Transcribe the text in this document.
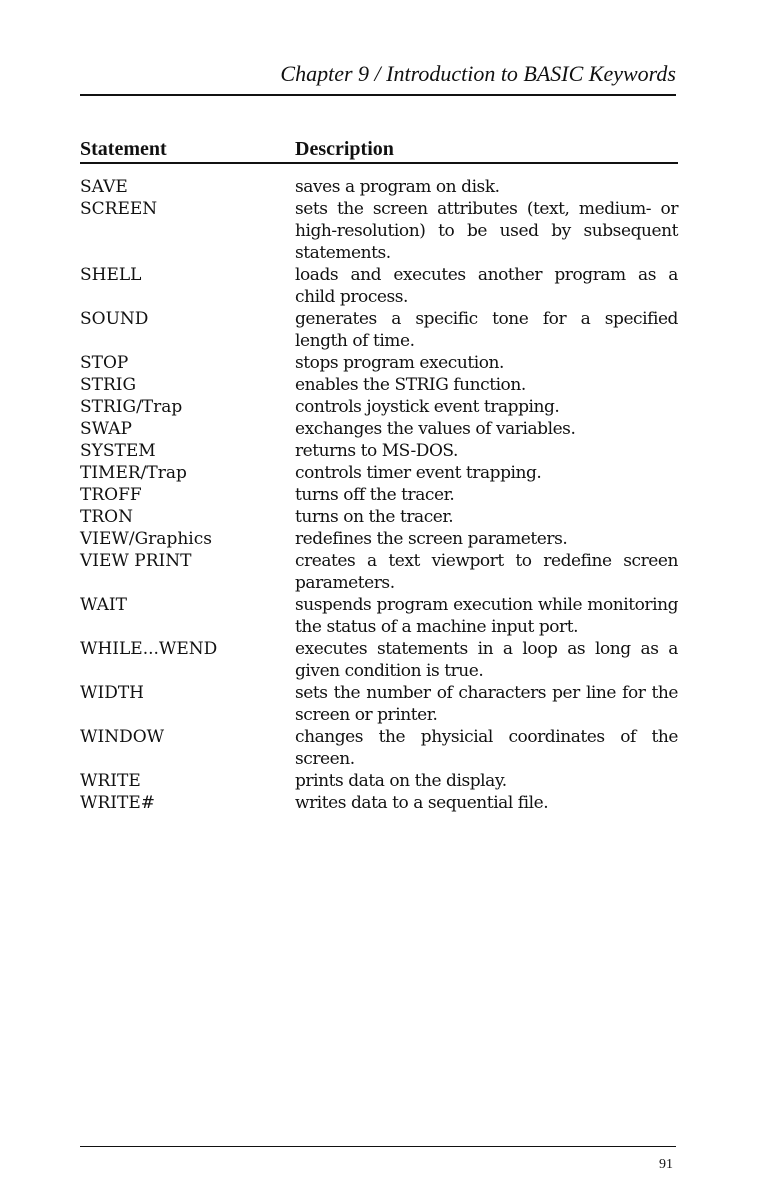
Chapter 9 / Introduction to BASIC Keywords
Statement	Description
SAVE	saves a program on disk.
SCREEN	sets the screen attributes (text, medium- or high-resolution) to be used by subsequent statements.
SHELL	loads and executes another program as a child process.
SOUND	generates a specific tone for a specified length of time.
STOP	stops program execution.
STRIG	enables the STRIG function.
STRIG/Trap	controls joystick event trapping.
SWAP	exchanges the values of variables.
SYSTEM	returns to MS-DOS.
TIMER/Trap	controls timer event trapping.
TROFF	turns off the tracer.
TRON	turns on the tracer.
VIEW/Graphics	redefines the screen parameters.
VIEW PRINT	creates a text viewport to redefine screen parameters.
WAIT	suspends program execution while monitoring the status of a machine input port.
WHILE...WEND	executes statements in a loop as long as a given condition is true.
WIDTH	sets the number of characters per line for the screen or printer.
WINDOW	changes the physicial coordinates of the screen.
WRITE	prints data on the display.
WRITE#	writes data to a sequential file.
91
